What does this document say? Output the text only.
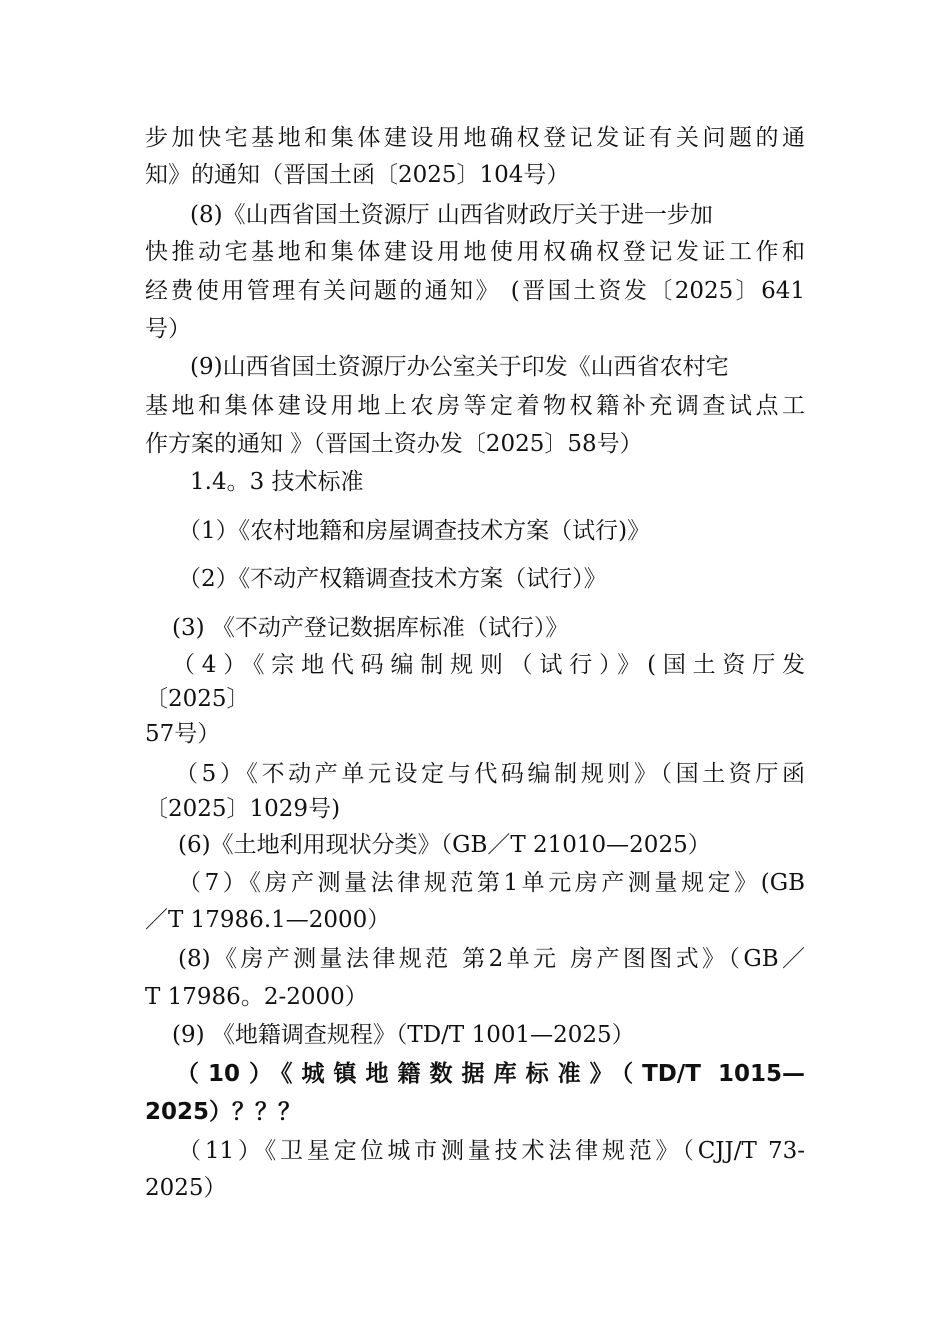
步加快宅基地和集体建设用地确权登记发证有关问题的通
知》的通知（晋国土函〔2025〕104号）
(8)《山西省国土资源厅 山西省财政厅关于进一步加
快推动宅基地和集体建设用地使用权确权登记发证工作和
经费使用管理有关问题的通知》 (晋国土资发〔2025〕641
号）
(9)山西省国土资源厅办公室关于印发《山西省农村宅
基地和集体建设用地上农房等定着物权籍补充调查试点工
作方案的通知 》（晋国土资办发〔2025〕58号）
1.4。3 技术标准
（1）《农村地籍和房屋调查技术方案（试行)》
（2）《不动产权籍调查技术方案（试行）》
(3) 《不动产登记数据库标准（试行）》
（4）《宗地代码编制规则（试行）》(国土资厅发
〔2025〕
57号）
（5）《不动产单元设定与代码编制规则》（国土资厅函
〔2025〕1029号)
(6)《土地利用现状分类》（GB／T 21010—2025）
（7）《房产测量法律规范第1单元房产测量规定》(GB
／T 17986.1—2000）
(8)《房产测量法律规范 第2单元 房产图图式》（GB／
T 17986。2-2000）
(9) 《地籍调查规程》（TD/T 1001—2025）
（10）《城镇地籍数据库标准》（TD/T 1015—
2025）？？？
（11）《卫星定位城市测量技术法律规范》（CJJ/T 73-
2025）
